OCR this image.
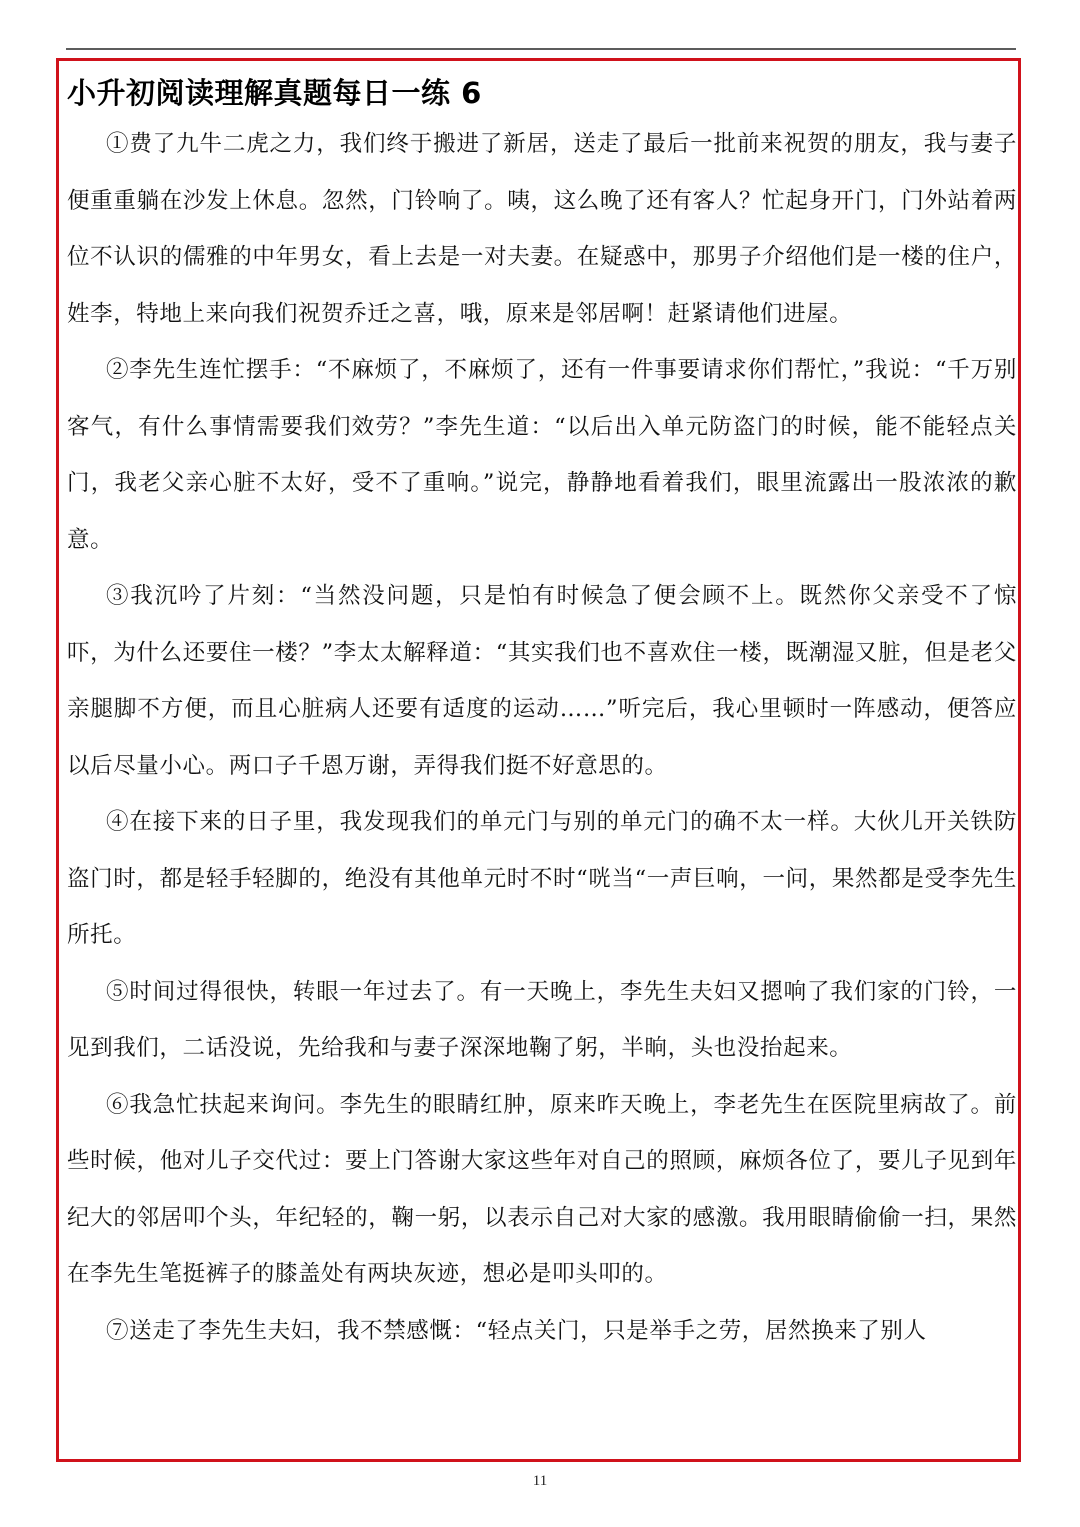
小升初阅读理解真题每日一练 6

①费了九牛二虎之力，我们终于搬进了新居，送走了最后一批前来祝贺的朋友，我与妻子便重重躺在沙发上休息。忽然，门铃响了。咦，这么晚了还有客人？忙起身开门，门外站着两位不认识的儒雅的中年男女，看上去是一对夫妻。在疑惑中，那男子介绍他们是一楼的住户，姓李，特地上来向我们祝贺乔迁之喜，哦，原来是邻居啊！赶紧请他们进屋。

②李先生连忙摆手：“不麻烦了，不麻烦了，还有一件事要请求你们帮忙，”我说：“千万别客气，有什么事情需要我们效劳？”李先生道：“以后出入单元防盗门的时候，能不能轻点关门，我老父亲心脏不太好，受不了重响。”说完，静静地看着我们，眼里流露出一股浓浓的歉意。

③我沉吟了片刻：“当然没问题，只是怕有时候急了便会顾不上。既然你父亲受不了惊吓，为什么还要住一楼？”李太太解释道：“其实我们也不喜欢住一楼，既潮湿又脏，但是老父亲腿脚不方便，而且心脏病人还要有适度的运动……”听完后，我心里顿时一阵感动，便答应以后尽量小心。两口子千恩万谢，弄得我们挺不好意思的。

④在接下来的日子里，我发现我们的单元门与别的单元门的确不太一样。大伙儿开关铁防盗门时，都是轻手轻脚的，绝没有其他单元时不时“咣当“一声巨响，一问，果然都是受李先生所托。

⑤时间过得很快，转眼一年过去了。有一天晚上，李先生夫妇又摁响了我们家的门铃，一见到我们，二话没说，先给我和与妻子深深地鞠了躬，半晌，头也没抬起来。

⑥我急忙扶起来询问。李先生的眼睛红肿，原来昨天晚上，李老先生在医院里病故了。前些时候，他对儿子交代过：要上门答谢大家这些年对自己的照顾，麻烦各位了，要儿子见到年纪大的邻居叩个头，年纪轻的，鞠一躬，以表示自己对大家的感激。我用眼睛偷偷一扫，果然在李先生笔挺裤子的膝盖处有两块灰迹，想必是叩头叩的。

⑦送走了李先生夫妇，我不禁感慨：“轻点关门，只是举手之劳，居然换来了别人

11
